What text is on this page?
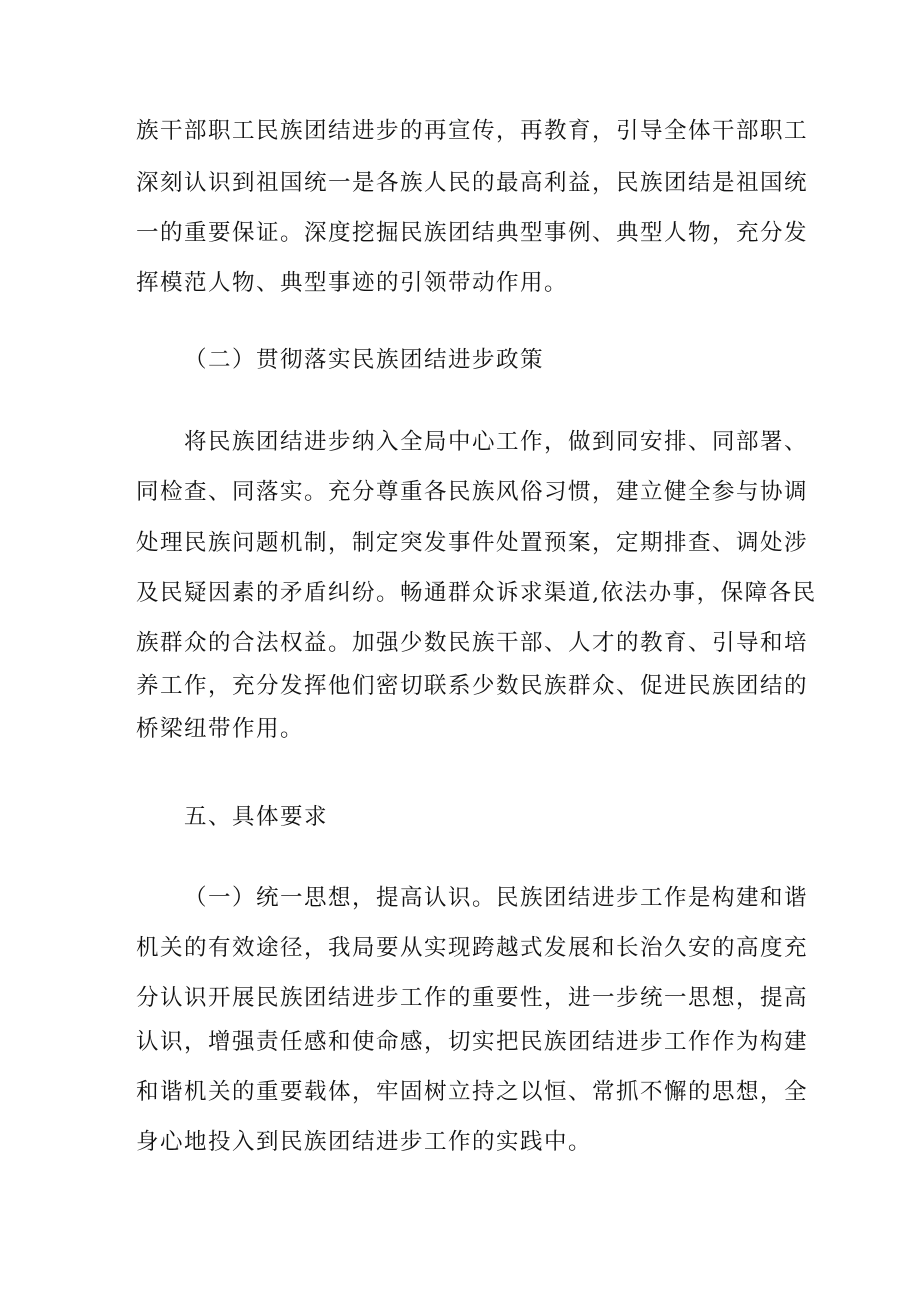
族干部职工民族团结进步的再宣传，再教育，引导全体干部职工
深刻认识到祖国统一是各族人民的最高利益，民族团结是祖国统
一的重要保证。深度挖掘民族团结典型事例、典型人物，充分发
挥模范人物、典型事迹的引领带动作用。
（二）贯彻落实民族团结进步政策
将民族团结进步纳入全局中心工作，做到同安排、同部署、
同检查、同落实。充分尊重各民族风俗习惯，建立健全参与协调
处理民族问题机制，制定突发事件处置预案，定期排查、调处涉
及民疑因素的矛盾纠纷。畅通群众诉求渠道,依法办事，保障各民
族群众的合法权益。加强少数民族干部、人才的教育、引导和培
养工作，充分发挥他们密切联系少数民族群众、促进民族团结的
桥梁纽带作用。
五、具体要求
（一）统一思想，提高认识。民族团结进步工作是构建和谐
机关的有效途径，我局要从实现跨越式发展和长治久安的高度充
分认识开展民族团结进步工作的重要性，进一步统一思想，提高
认识，增强责任感和使命感，切实把民族团结进步工作作为构建
和谐机关的重要载体，牢固树立持之以恒、常抓不懈的思想，全
身心地投入到民族团结进步工作的实践中。
